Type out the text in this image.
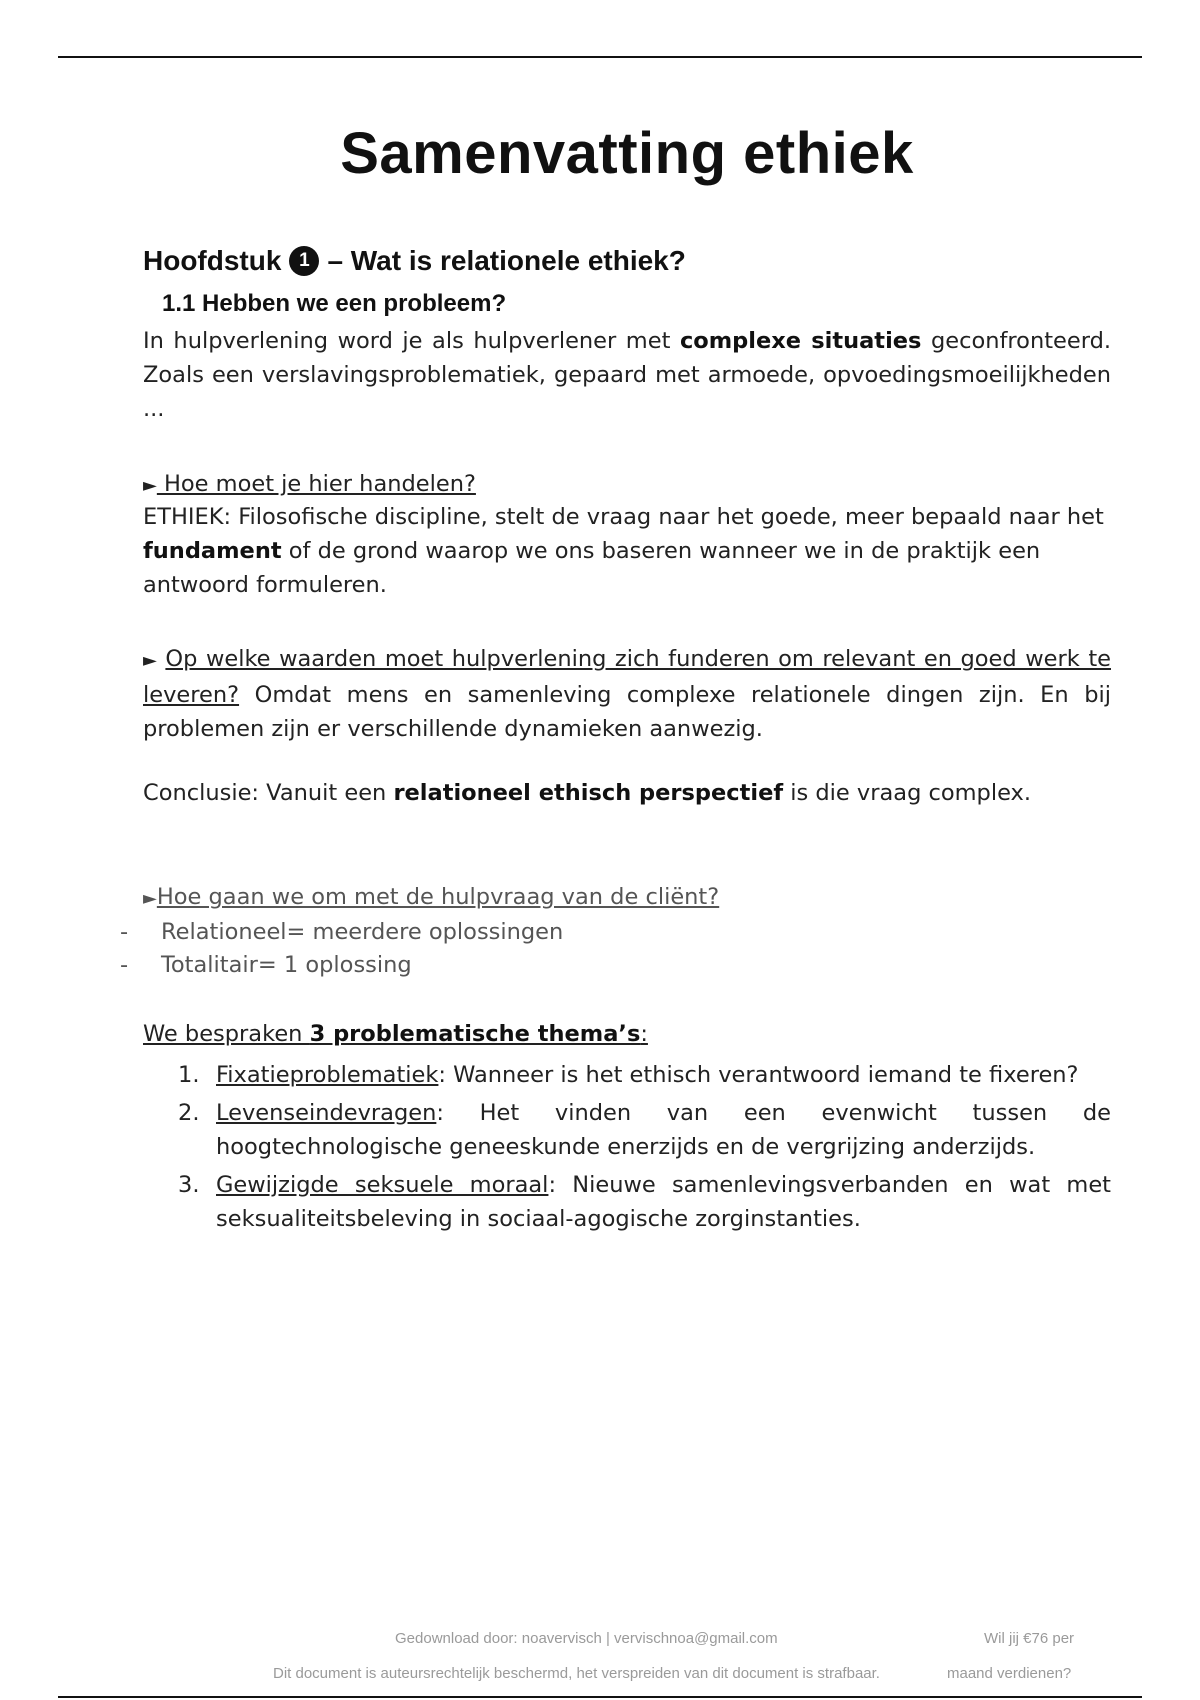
Samenvatting ethiek
Hoofdstuk 1 – Wat is relationele ethiek?
1.1 Hebben we een probleem?

In hulpverlening word je als hulpverlener met complexe situaties geconfronteerd. Zoals een verslavingsproblematiek, gepaard met armoede, opvoedingsmoeilijkheden ...

► Hoe moet je hier handelen?

ETHIEK: Filosofische discipline, stelt de vraag naar het goede, meer bepaald naar het fundament of de grond waarop we ons baseren wanneer we in de praktijk een antwoord formuleren.

► Op welke waarden moet hulpverlening zich funderen om relevant en goed werk te leveren? Omdat mens en samenleving complexe relationele dingen zijn. En bij problemen zijn er verschillende dynamieken aanwezig.

Conclusie: Vanuit een relationeel ethisch perspectief is die vraag complex.

►Hoe gaan we om met de hulpvraag van de cliënt?

-	Relationeel= meerdere oplossingen
-	Totalitair= 1 oplossing

We bespraken 3 problematische thema’s:

1. Fixatieproblematiek: Wanneer is het ethisch verantwoord iemand te fixeren?

2. Levenseindevragen: Het vinden van een evenwicht tussen de hoogtechnologische geneeskunde enerzijds en de vergrijzing anderzijds.

3. Gewijzigde seksuele moraal: Nieuwe samenlevingsverbanden en wat met seksualiteitsbeleving in sociaal-agogische zorginstanties.

Gedownload door: noavervisch | vervischnoa@gmail.com
Dit document is auteursrechtelijk beschermd, het verspreiden van dit document is strafbaar.
Wil jij €76 per
maand verdienen?
